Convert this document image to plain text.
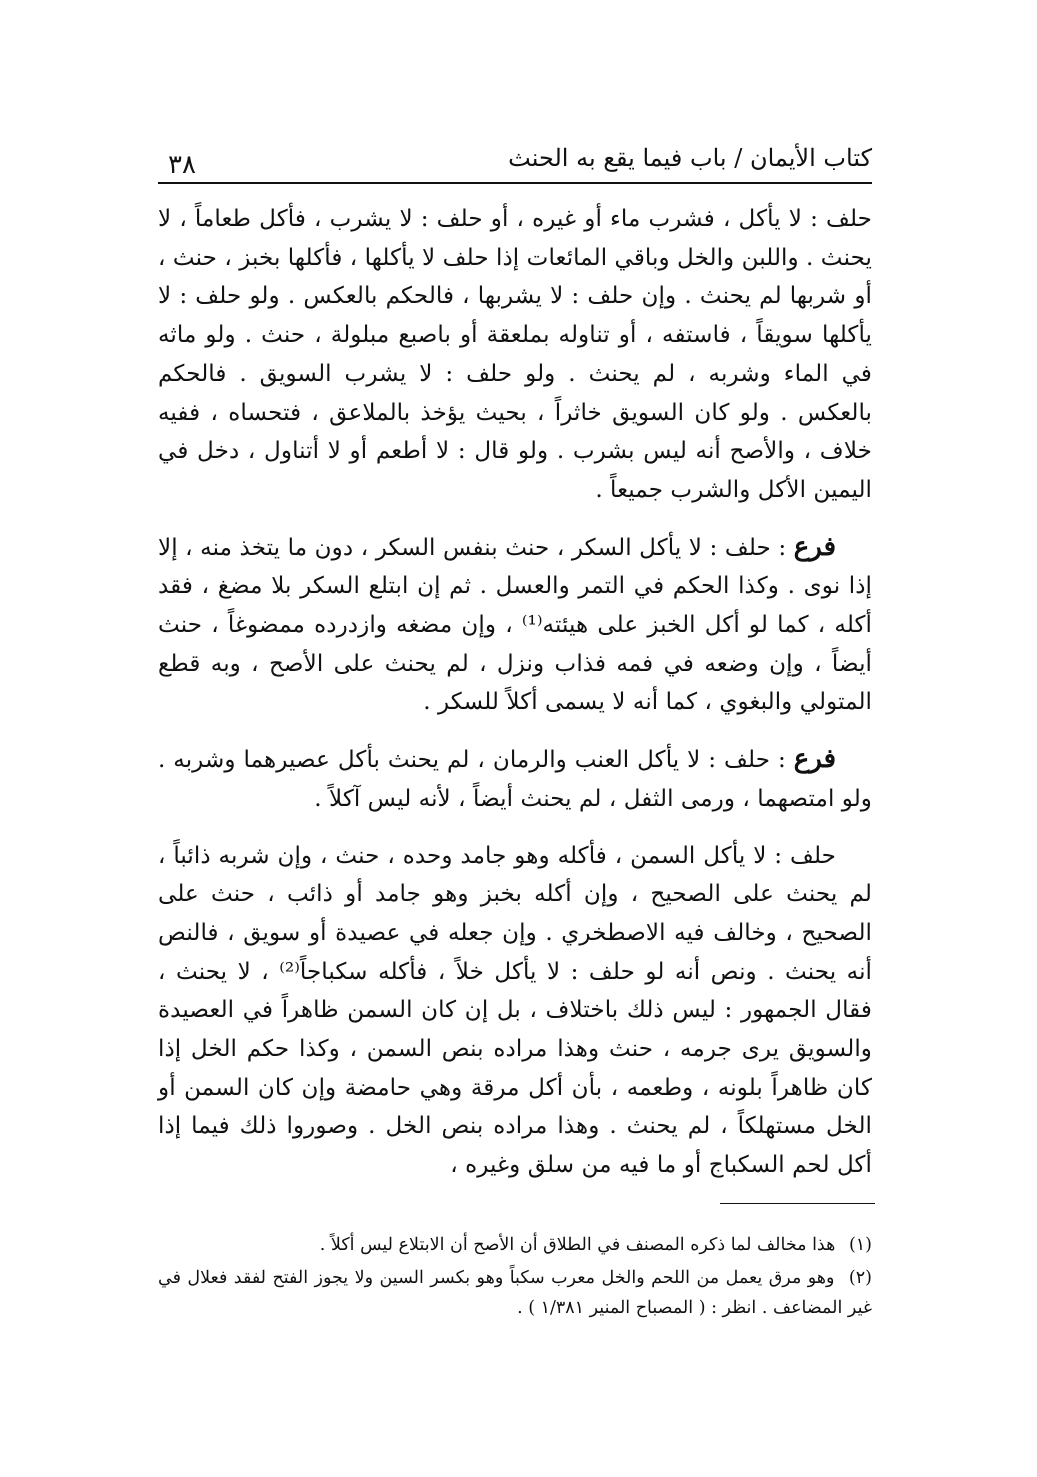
كتاب الأيمان / باب فيما يقع به الحنث
٣٨

حلف : لا يأكل ، فشرب ماء أو غيره ، أو حلف : لا يشرب ، فأكل طعاماً ، لا يحنث . واللبن والخل وباقي المائعات إذا حلف لا يأكلها ، فأكلها بخبز ، حنث ، أو شربها لم يحنث . وإن حلف : لا يشربها ، فالحكم بالعكس . ولو حلف : لا يأكلها سويقاً ، فاستفه ، أو تناوله بملعقة أو باصبع مبلولة ، حنث . ولو ماثه في الماء وشربه ، لم يحنث . ولو حلف : لا يشرب السويق . فالحكم بالعكس . ولو كان السويق خاثراً ، بحيث يؤخذ بالملاعق ، فتحساه ، ففيه خلاف ، والأصح أنه ليس بشرب . ولو قال : لا أطعم أو لا أتناول ، دخل في اليمين الأكل والشرب جميعاً .

فرع : حلف : لا يأكل السكر ، حنث بنفس السكر ، دون ما يتخذ منه ، إلا إذا نوى . وكذا الحكم في التمر والعسل . ثم إن ابتلع السكر بلا مضغ ، فقد أكله ، كما لو أكل الخبز على هيئته⁽¹⁾ ، وإن مضغه وازدرده ممضوغاً ، حنث أيضاً ، وإن وضعه في فمه فذاب ونزل ، لم يحنث على الأصح ، وبه قطع المتولي والبغوي ، كما أنه لا يسمى أكلاً للسكر .

فرع : حلف : لا يأكل العنب والرمان ، لم يحنث بأكل عصيرهما وشربه . ولو امتصهما ، ورمى الثفل ، لم يحنث أيضاً ، لأنه ليس آكلاً .

حلف : لا يأكل السمن ، فأكله وهو جامد وحده ، حنث ، وإن شربه ذائباً ، لم يحنث على الصحيح ، وإن أكله بخبز وهو جامد أو ذائب ، حنث على الصحيح ، وخالف فيه الاصطخري . وإن جعله في عصيدة أو سويق ، فالنص أنه يحنث . ونص أنه لو حلف : لا يأكل خلاً ، فأكله سكباجاً⁽²⁾ ، لا يحنث ، فقال الجمهور : ليس ذلك باختلاف ، بل إن كان السمن ظاهراً في العصيدة والسويق يرى جرمه ، حنث وهذا مراده بنص السمن ، وكذا حكم الخل إذا كان ظاهراً بلونه ، وطعمه ، بأن أكل مرقة وهي حامضة وإن كان السمن أو الخل مستهلكاً ، لم يحنث . وهذا مراده بنص الخل . وصوروا ذلك فيما إذا أكل لحم السكباج أو ما فيه من سلق وغيره ،

(١) هذا مخالف لما ذكره المصنف في الطلاق أن الأصح أن الابتلاع ليس أكلاً .

(٢) وهو مرق يعمل من اللحم والخل معرب سكباً وهو بكسر السين ولا يجوز الفتح لفقد فعلال في غير المضاعف . انظر : ( المصباح المنير ١/٣٨١ ) .
